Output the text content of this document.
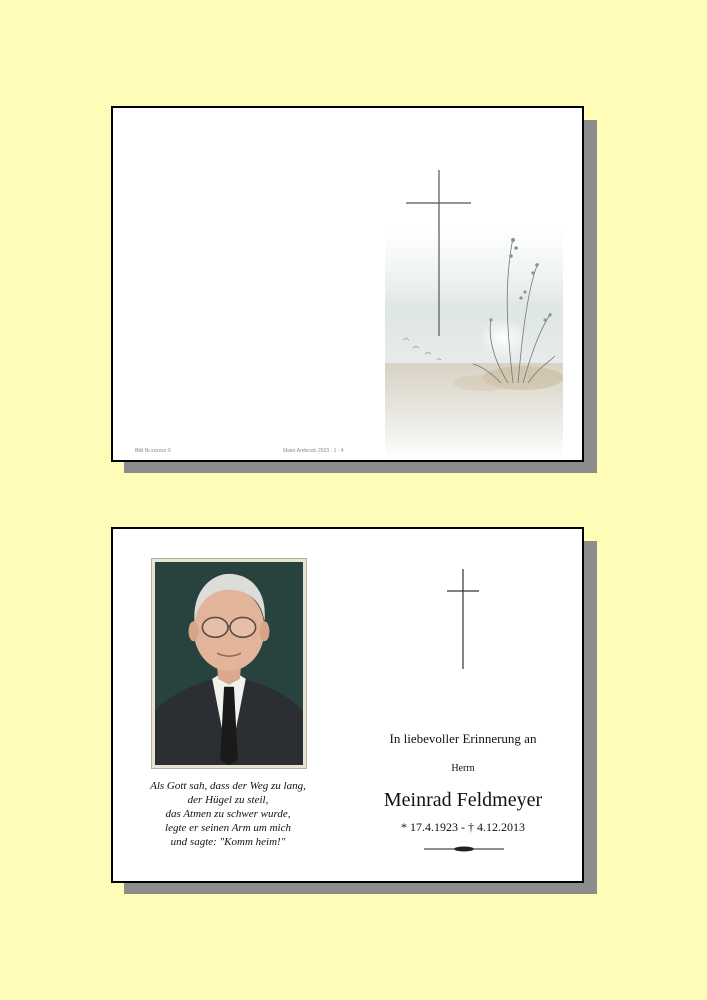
Bild Nr.xxxxxx ©	Maier Arnbruck 2023 · 1 · 4
Als Gott sah, dass der Weg zu lang,
der Hügel zu steil,
das Atmen zu schwer wurde,
legte er seinen Arm um mich
und sagte: "Komm heim!"
In liebevoller Erinnerung an
Herrn
Meinrad Feldmeyer
* 17.4.1923 - † 4.12.2013
